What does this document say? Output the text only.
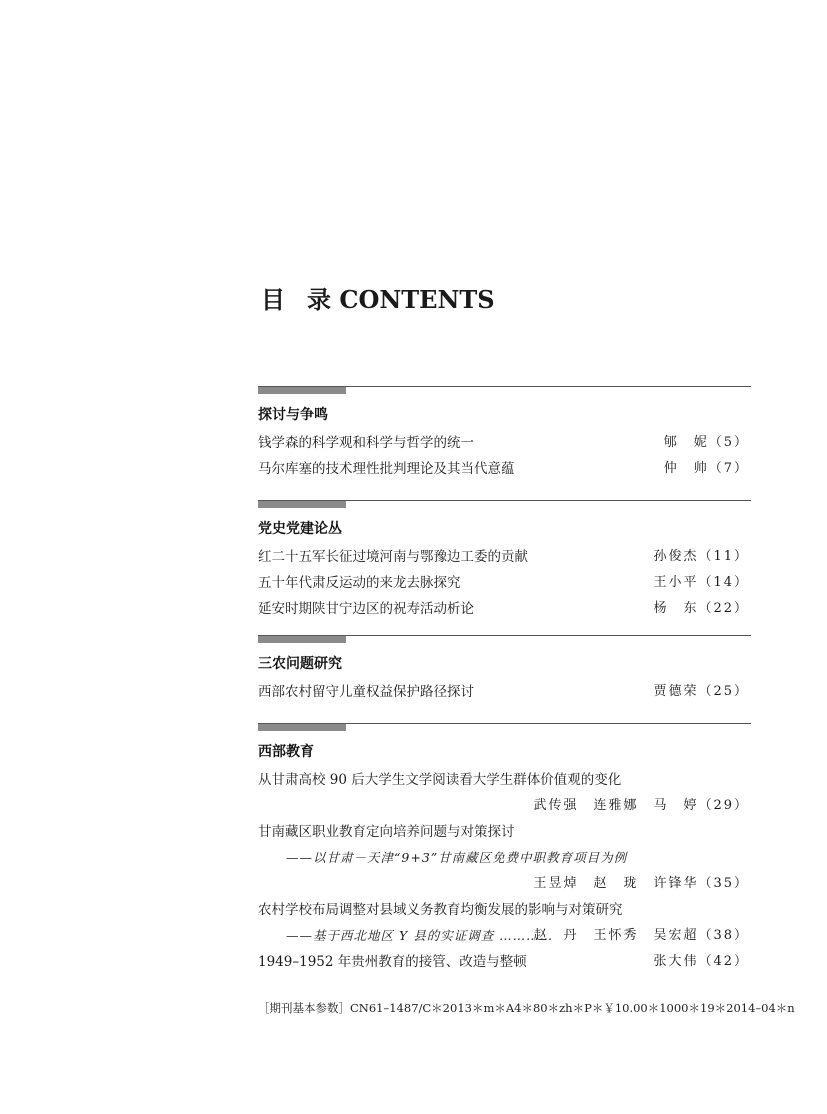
目 录 CONTENTS
探讨与争鸣
钱学森的科学观和科学与哲学的统一	郇　妮（5）
马尔库塞的技术理性批判理论及其当代意蕴	仲　帅（7）
党史党建论丛
红二十五军长征过境河南与鄂豫边工委的贡献	孙俊杰（11）
五十年代肃反运动的来龙去脉探究	王小平（14）
延安时期陕甘宁边区的祝寿活动析论	杨　东（22）
三农问题研究
西部农村留守儿童权益保护路径探讨	贾德荣（25）
西部教育
从甘肃高校 90 后大学生文学阅读看大学生群体价值观的变化
武传强　连雅娜　马　婷（29）
甘南藏区职业教育定向培养问题与对策探讨
——以甘肃－天津“9+3”甘南藏区免费中职教育项目为例
王昱焯　赵　珑　许锋华（35）
农村学校布局调整对县域义务教育均衡发展的影响与对策研究
——基于西北地区 Y 县的实证调查 …………
赵　丹　王怀秀　吴宏超（38）
1949–1952 年贵州教育的接管、改造与整顿	张大伟（42）
［期刊基本参数］CN61–1487/C＊2013＊m＊A4＊80＊zh＊P＊￥10.00＊1000＊19＊2014–04＊n
